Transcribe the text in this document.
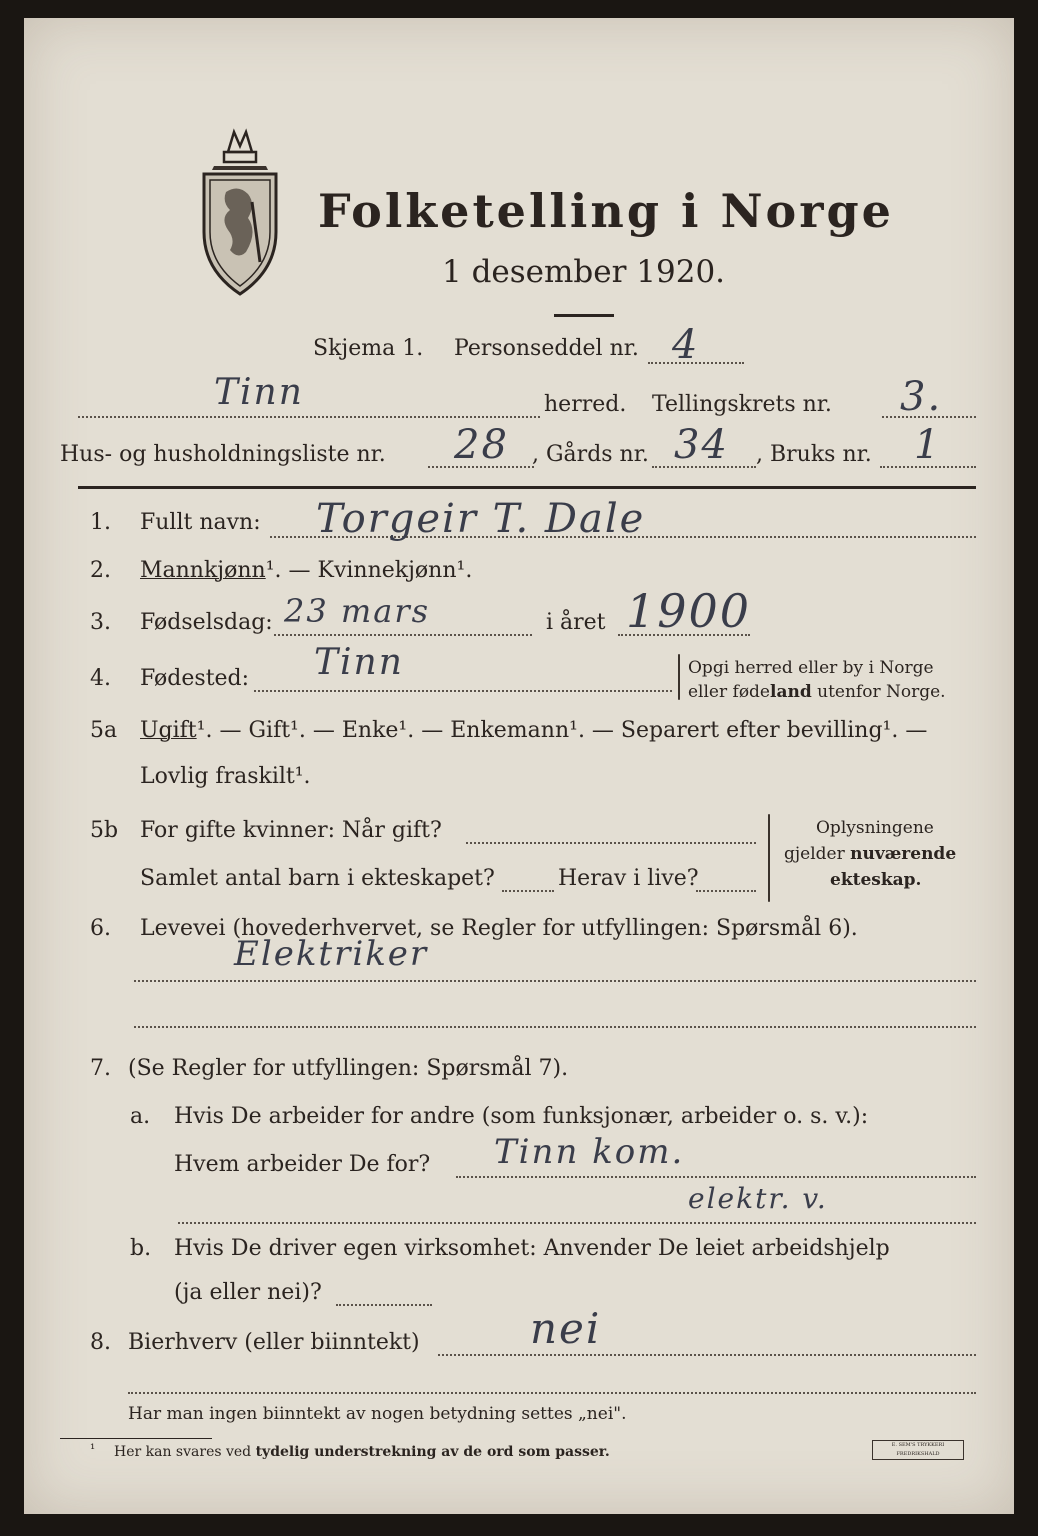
Folketelling i Norge
1 desember 1920.
Skjema 1. Personseddel nr. 4
Tinn	herred. Tellingskrets nr. 3.
Hus- og husholdningsliste nr. 28 , Gårds nr. 34 , Bruks nr. 1
1. Fullt navn: Torgeir T. Dale
2. Mannkjønn¹. — Kvinnekjønn¹.
3. Fødselsdag: 23 mars	i året 1900
4. Fødested: Tinn	Opgi herred eller by i Norge
eller fødeland utenfor Norge.
5a Ugift¹. — Gift¹. — Enke¹. — Enkemann¹. — Separert efter bevilling¹. —
Lovlig fraskilt¹.
5b For gifte kvinner: Når gift?
Samlet antal barn i ekteskapet?	Herav i live?
Oplysningene
gjelder nuværende
ekteskap.
6. Levevei (hovederhvervet, se Regler for utfyllingen: Spørsmål 6).
Elektriker
7. (Se Regler for utfyllingen: Spørsmål 7).
a. Hvis De arbeider for andre (som funksjonær, arbeider o. s. v.):
Hvem arbeider De for? Tinn kom.
elektr. v.
b. Hvis De driver egen virksomhet: Anvender De leiet arbeidshjelp
(ja eller nei)?
8. Bierhverv (eller biinntekt)	nei
Har man ingen biinntekt av nogen betydning settes „nei".
¹ Her kan svares ved tydelig understrekning av de ord som passer.	E. SEM'S TRYKKERI FREDRIKSHALD
